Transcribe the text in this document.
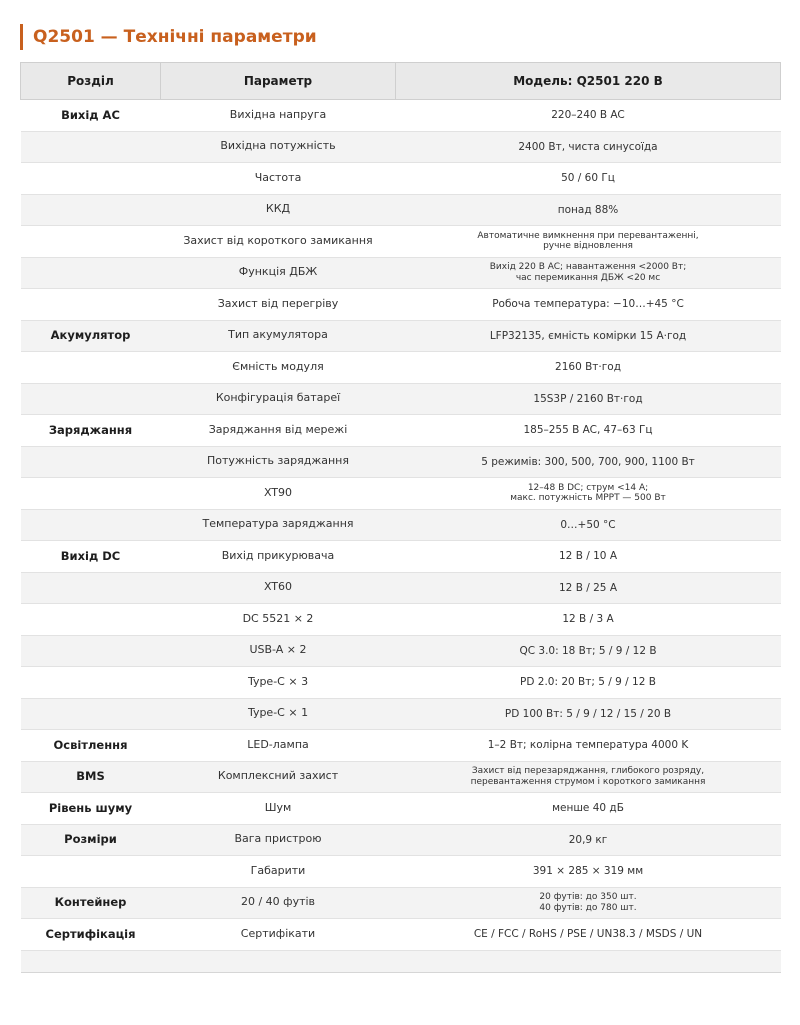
Q2501 — Технічні параметри
Розділ	Параметр	Модель: Q2501 220 В
Вихід AC	Вихідна напруга	220–240 В AC

	Вихідна потужність	2400 Вт, чиста синусоїда

	Частота	50 / 60 Гц

	ККД	понад 88%

	Захист від короткого замикання	Автоматичне вимкнення при перевантаженні,
ручне відновлення

	Функція ДБЖ	Вихід 220 В AC; навантаження <2000 Вт;
час перемикання ДБЖ <20 мс

	Захист від перегріву	Робоча температура: −10…+45 °C

Акумулятор	Тип акумулятора	LFP32135, ємність комірки 15 А·год

	Ємність модуля	2160 Вт·год

	Конфігурація батареї	15S3P / 2160 Вт·год

Заряджання	Заряджання від мережі	185–255 В AC, 47–63 Гц

	Потужність заряджання	5 режимів: 300, 500, 700, 900, 1100 Вт

	XT90	12–48 В DC; струм <14 А;
макс. потужність MPPT — 500 Вт

	Температура заряджання	0…+50 °C

Вихід DC	Вихід прикурювача	12 В / 10 А

	XT60	12 В / 25 А

	DC 5521 × 2	12 В / 3 А

	USB-A × 2	QC 3.0: 18 Вт; 5 / 9 / 12 В

	Type-C × 3	PD 2.0: 20 Вт; 5 / 9 / 12 В

	Type-C × 1	PD 100 Вт: 5 / 9 / 12 / 15 / 20 В

Освітлення	LED-лампа	1–2 Вт; колірна температура 4000 K

BMS	Комплексний захист	Захист від перезаряджання, глибокого розряду,
перевантаження струмом і короткого замикання

Рівень шуму	Шум	менше 40 дБ

Розміри	Вага пристрою	20,9 кг

	Габарити	391 × 285 × 319 мм

Контейнер	20 / 40 футів	20 футів: до 350 шт.
40 футів: до 780 шт.

Сертифікація	Сертифікати	CE / FCC / RoHS / PSE / UN38.3 / MSDS / UN
